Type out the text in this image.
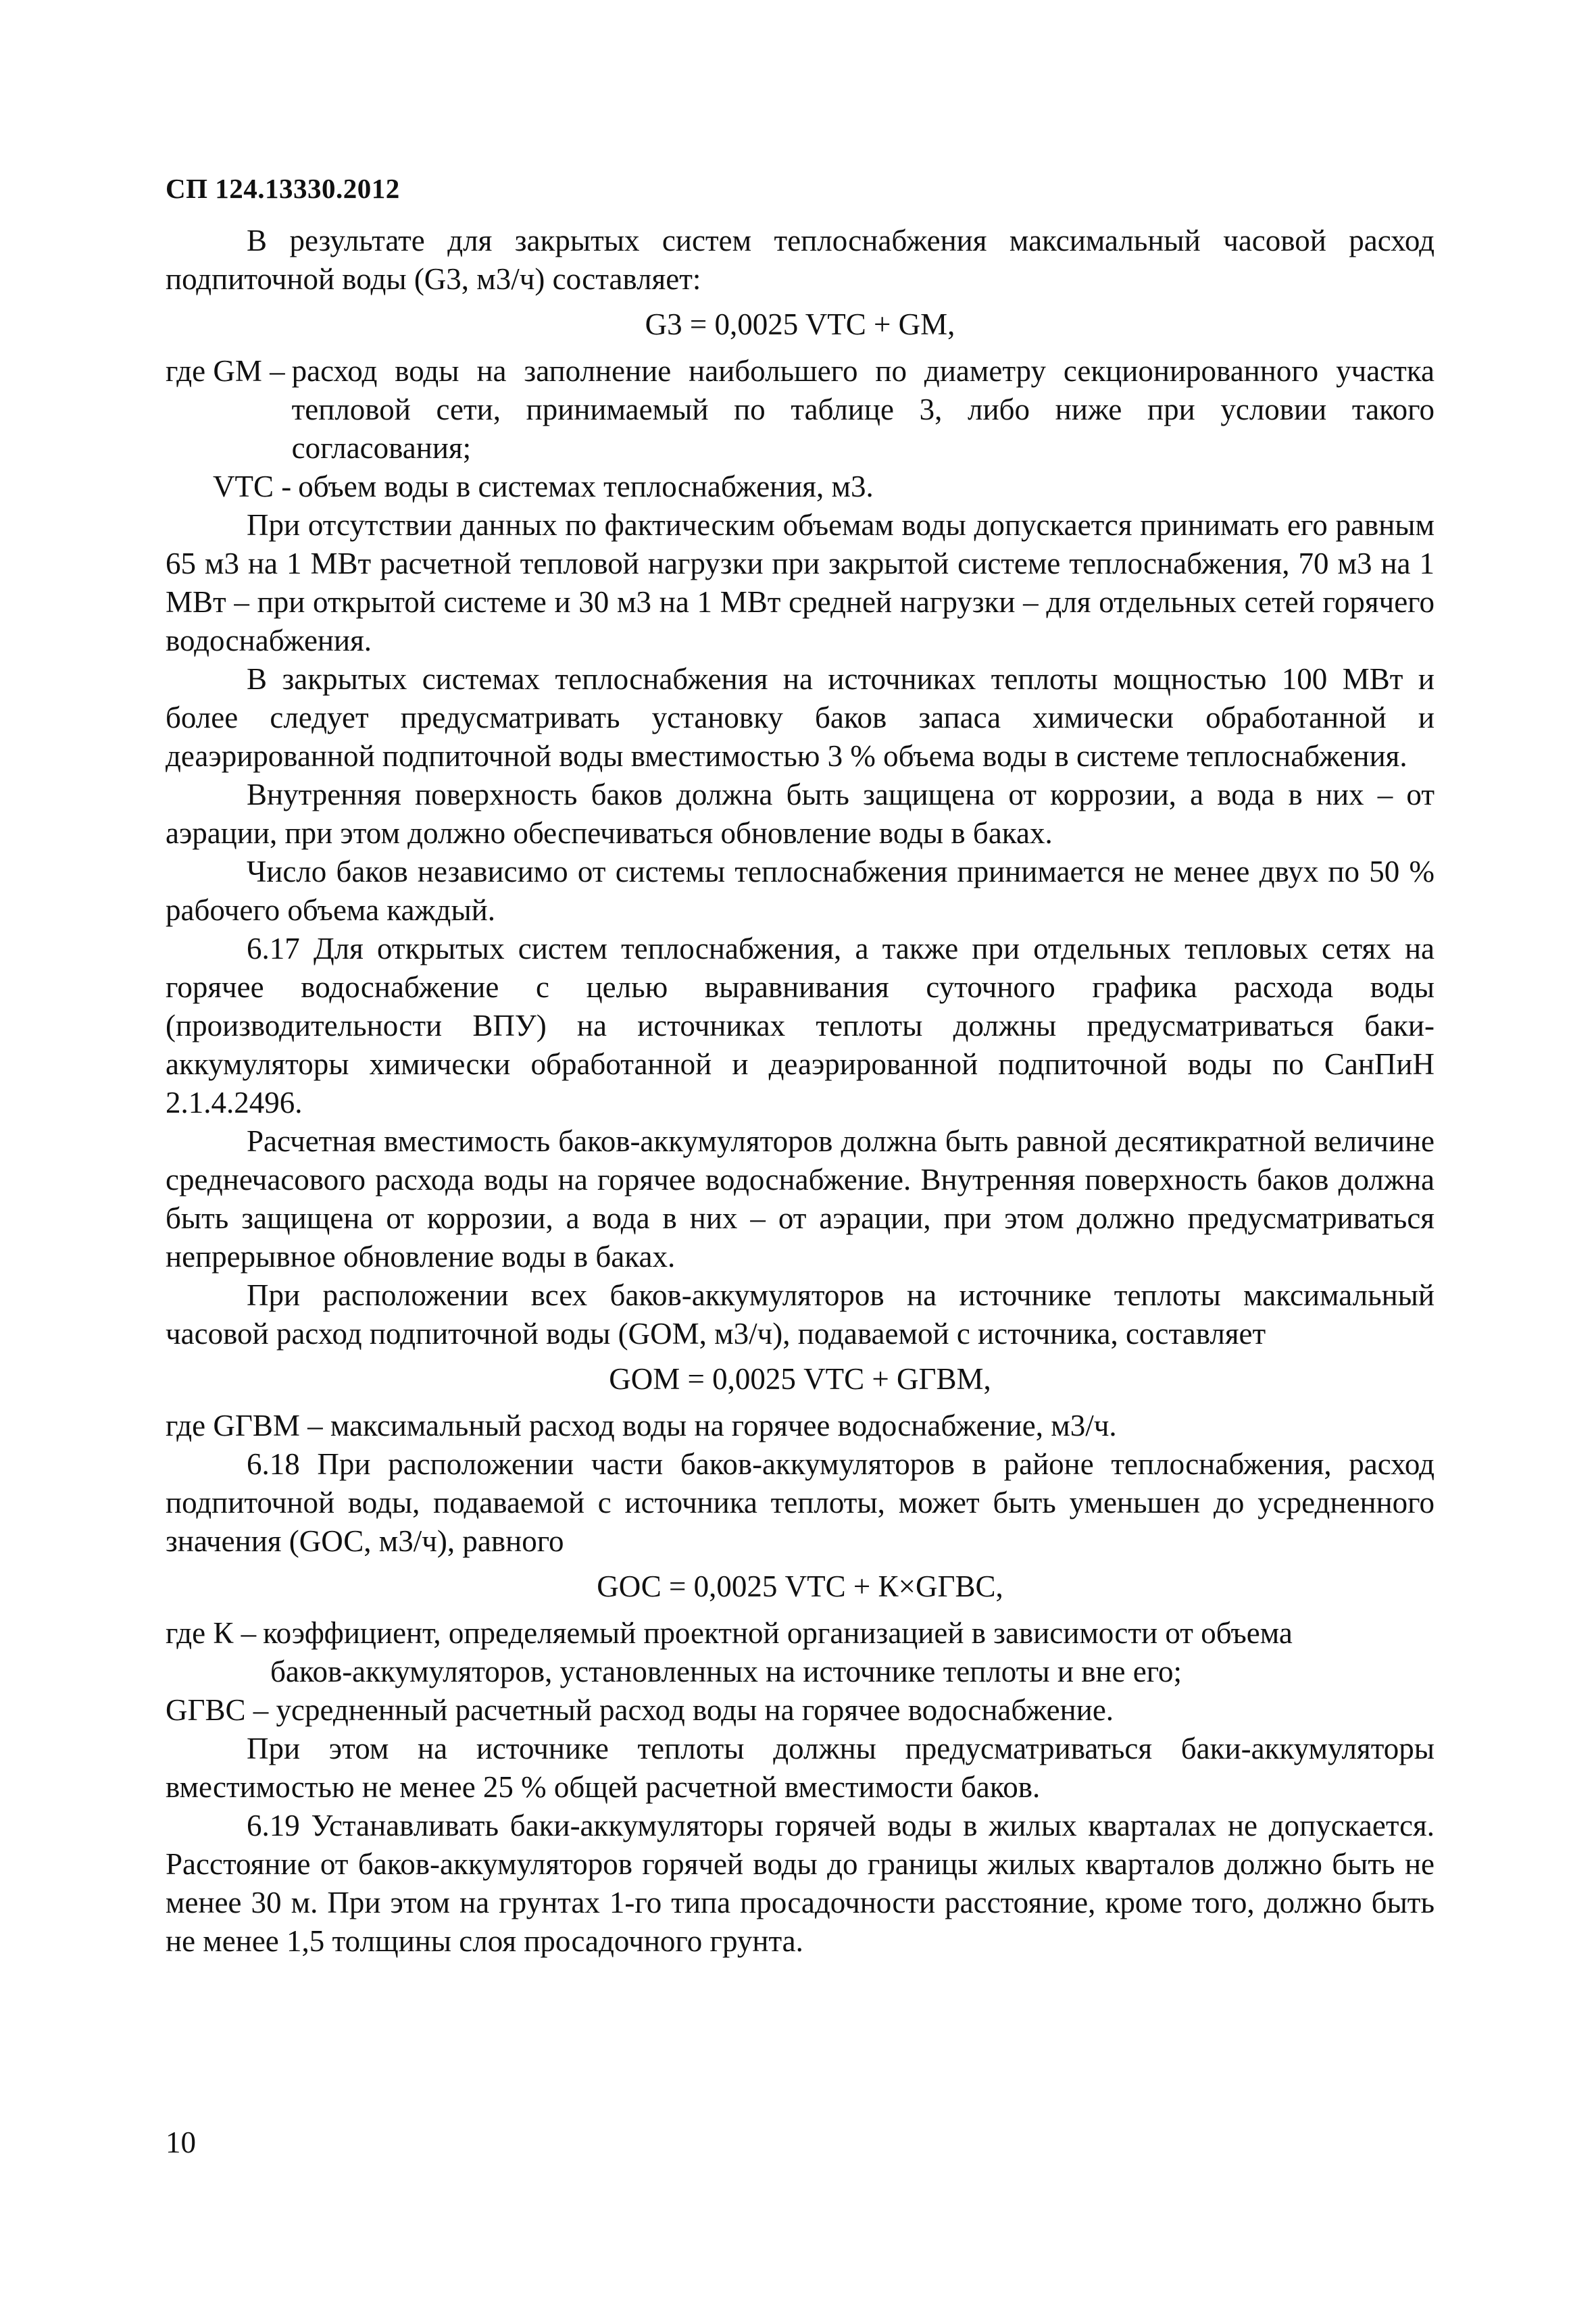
СП 124.13330.2012

В результате для закрытых систем теплоснабжения максимальный часовой расход подпиточной воды (G3, м3/ч) составляет:

G3 = 0,0025 VТС + GМ,
где GМ – расход воды на заполнение наибольшего по диаметру секционированного участка тепловой сети, принимаемый по таблице 3, либо ниже при условии такого согласования;
VТС - объем воды в системах теплоснабжения, м3.

При отсутствии данных по фактическим объемам воды допускается принимать его равным 65 м3 на 1 МВт расчетной тепловой нагрузки при закрытой системе теплоснабжения, 70 м3 на 1 МВт – при открытой системе и 30 м3 на 1 МВт средней нагрузки – для отдельных сетей горячего водоснабжения.

В закрытых системах теплоснабжения на источниках теплоты мощностью 100 МВт и более следует предусматривать установку баков запаса химически обработанной и деаэрированной подпиточной воды вместимостью 3 % объема воды в системе теплоснабжения.

Внутренняя поверхность баков должна быть защищена от коррозии, а вода в них – от аэрации, при этом должно обеспечиваться обновление воды в баках.

Число баков независимо от системы теплоснабжения принимается не менее двух по 50 % рабочего объема каждый.

6.17 Для открытых систем теплоснабжения, а также при отдельных тепловых сетях на горячее водоснабжение с целью выравнивания суточного графика расхода воды (производительности ВПУ) на источниках теплоты должны предусматриваться баки-аккумуляторы химически обработанной и деаэрированной подпиточной воды по СанПиН 2.1.4.2496.

Расчетная вместимость баков-аккумуляторов должна быть равной десятикратной величине среднечасового расхода воды на горячее водоснабжение. Внутренняя поверхность баков должна быть защищена от коррозии, а вода в них – от аэрации, при этом должно предусматриваться непрерывное обновление воды в баках.

При расположении всех баков-аккумуляторов на источнике теплоты максимальный часовой расход подпиточной воды (GОМ, м3/ч), подаваемой с источника, составляет

GОМ = 0,0025 VТС + GГВМ,

где GГВМ – максимальный расход воды на горячее водоснабжение, м3/ч.

6.18 При расположении части баков-аккумуляторов в районе теплоснабжения, расход подпиточной воды, подаваемой с источника теплоты, может быть уменьшен до усредненного значения (GОС, м3/ч), равного

GОС = 0,0025 VТС + К×GГВС,
где К – коэффициент, определяемый проектной организацией в зависимости от объема
баков-аккумуляторов, установленных на источнике теплоты и вне его;

GГВС – усредненный расчетный расход воды на горячее водоснабжение.

При этом на источнике теплоты должны предусматриваться баки-аккумуляторы вместимостью не менее 25 % общей расчетной вместимости баков.

6.19 Устанавливать баки-аккумуляторы горячей воды в жилых кварталах не допускается. Расстояние от баков-аккумуляторов горячей воды до границы жилых кварталов должно быть не менее 30 м. При этом на грунтах 1-го типа просадочности расстояние, кроме того, должно быть не менее 1,5 толщины слоя просадочного грунта.

10
